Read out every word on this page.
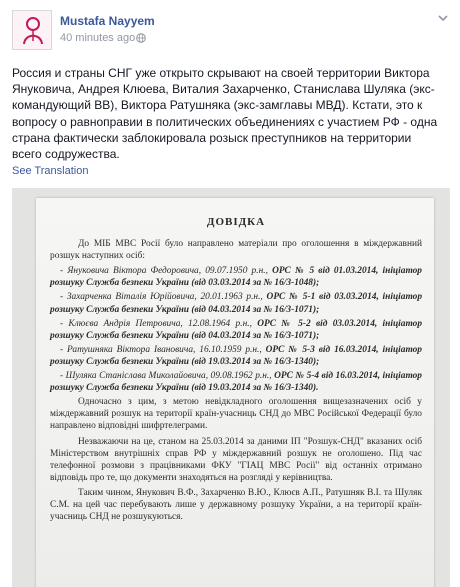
Mustafa Nayyem
40 minutes ago
Россия и страны СНГ уже открыто скрывают на своей территории Виктора Януковича, Андрея Клюева, Виталия Захарченко, Станислава Шуляка (экс-командующий ВВ), Виктора Ратушняка (экс-замглавы МВД). Кстати, это к вопросу о равноправии в политических объединениях с участием РФ - одна страна фактически заблокировала розыск преступников на территории всего содружества.
See Translation
ДОВІДКА
До МІБ МВС Росії було направлено матеріали про оголошення в міждержавний розшук наступних осіб:
- Януковича Віктора Федоровича, 09.07.1950 р.н., ОРС № 5 від 01.03.2014, ініціатор розшуку Служба безпеки України (від 03.03.2014 за № 16/3-1048);
- Захарченка Віталія Юрійовича, 20.01.1963 р.н., ОРС № 5-1 від 03.03.2014, ініціатор розшуку Служба безпеки України (від 04.03.2014 за № 16/3-1071);
- Клюєва Андрія Петровича, 12.08.1964 р.н., ОРС № 5-2 від 03.03.2014, ініціатор розшуку Служба безпеки України (від 04.03.2014 за № 16/3-1071);
- Ратушняка Віктора Івановича, 16.10.1959 р.н., ОРС № 5-3 від 16.03.2014, ініціатор розшуку Служба безпеки України (від 19.03.2014 за № 16/3-1340);
- Шуляка Станіслава Миколайовича, 09.08.1962 р.н., ОРС № 5-4 від 16.03.2014, ініціатор розшуку Служба безпеки України (від 19.03.2014 за № 16/3-1340).
Одночасно з цим, з метою невідкладного оголошення вищезазначених осіб у міждержавний розшук на території країн-учасниць СНД до МВС Російської Федерації було направлено відповідні шифртелеграми.
Незважаючи на це, станом на 25.03.2014 за даними ІП "Розшук-СНД" вказаних осіб Міністерством внутрішніх справ РФ у міждержавний розшук не оголошено. Під час телефонної розмови з працівниками ФКУ "ГІАЦ МВС Росії" від останніх отримано відповідь про те, що документи знаходяться на розгляді у керівництва.
Таким чином, Янукович В.Ф., Захарченко В.Ю., Клюєв А.П., Ратушняк В.І. та Шуляк С.М. на цей час перебувають лише у державному розшуку України, а на території країн-учасниць СНД не розшукуються.
